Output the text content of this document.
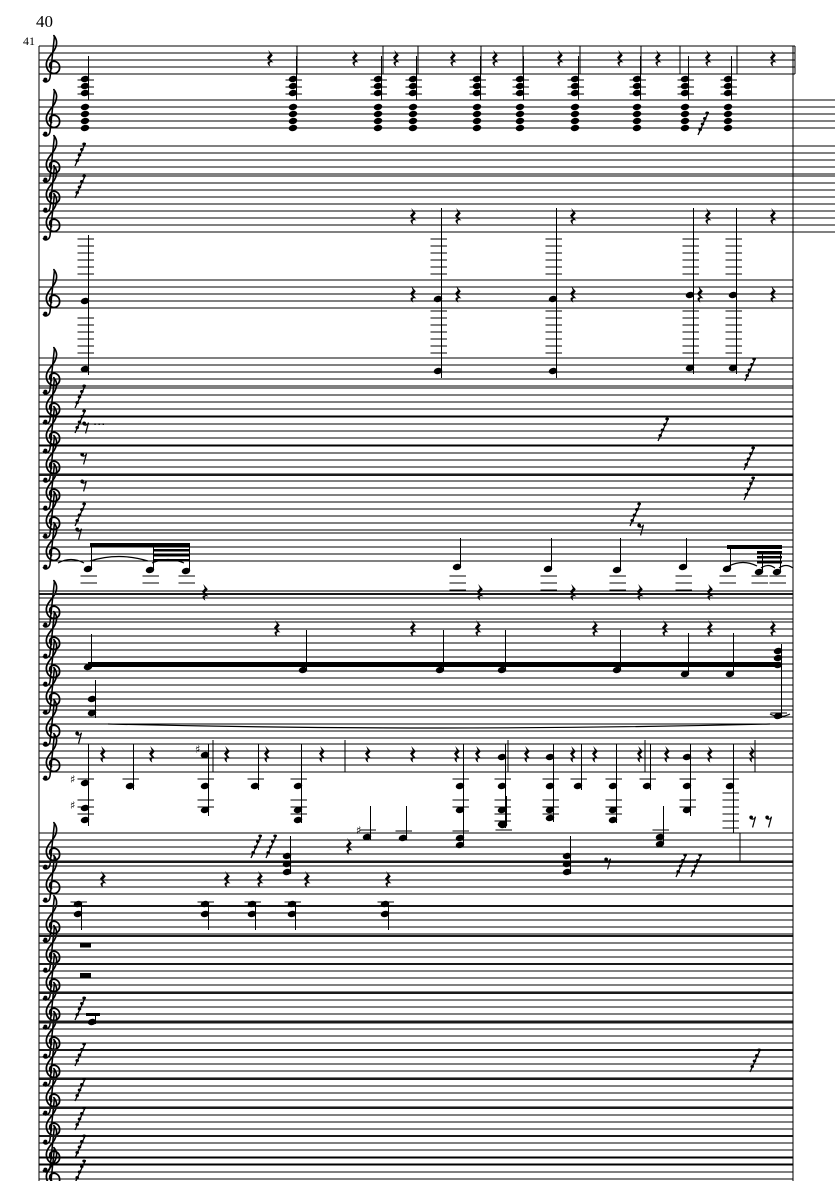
40
41
···
♯
♯
♯
♯
